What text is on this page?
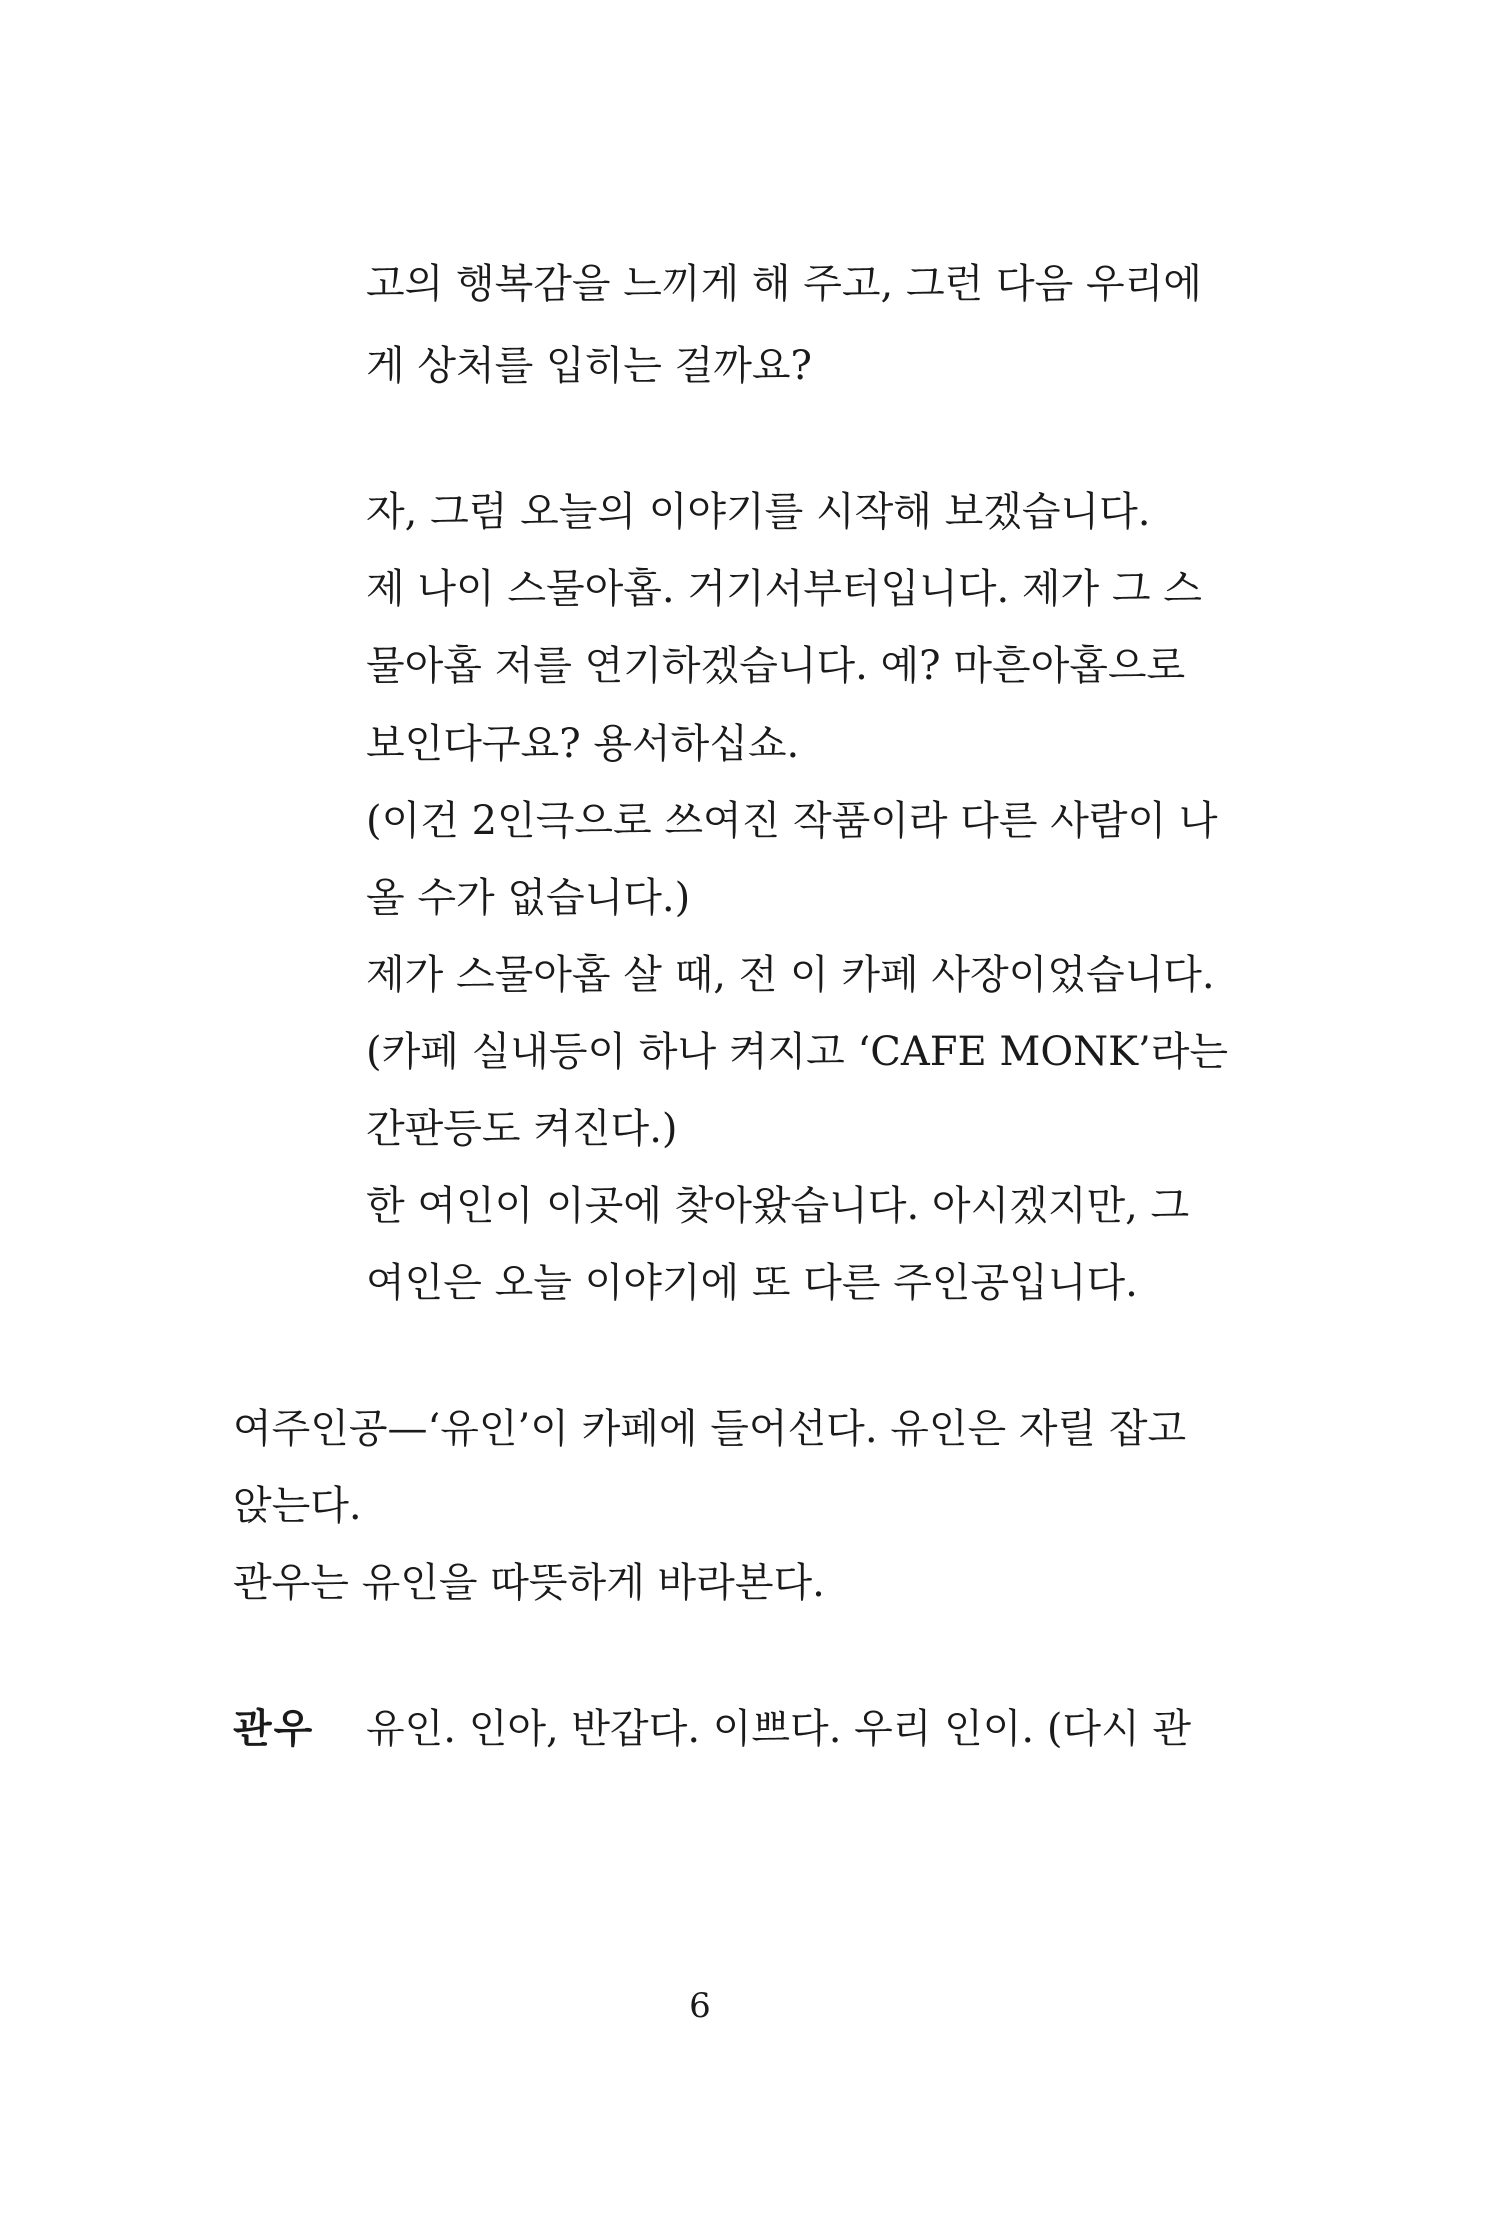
고의 행복감을 느끼게 해 주고, 그런 다음 우리에

게 상처를 입히는 걸까요?

자, 그럼 오늘의 이야기를 시작해 보겠습니다.

제 나이 스물아홉. 거기서부터입니다. 제가 그 스

물아홉 저를 연기하겠습니다. 예? 마흔아홉으로

보인다구요? 용서하십쇼.

(이건 2인극으로 쓰여진 작품이라 다른 사람이 나

올 수가 없습니다.)

제가 스물아홉 살 때, 전 이 카페 사장이었습니다.

(카페 실내등이 하나 켜지고 ‘CAFE MONK’라는

간판등도 켜진다.)

한 여인이 이곳에 찾아왔습니다. 아시겠지만, 그

여인은 오늘 이야기에 또 다른 주인공입니다.

여주인공—‘유인’이 카페에 들어선다. 유인은 자릴 잡고

앉는다.

관우는 유인을 따뜻하게 바라본다.

관우 유인. 인아, 반갑다. 이쁘다. 우리 인이. (다시 관

6
